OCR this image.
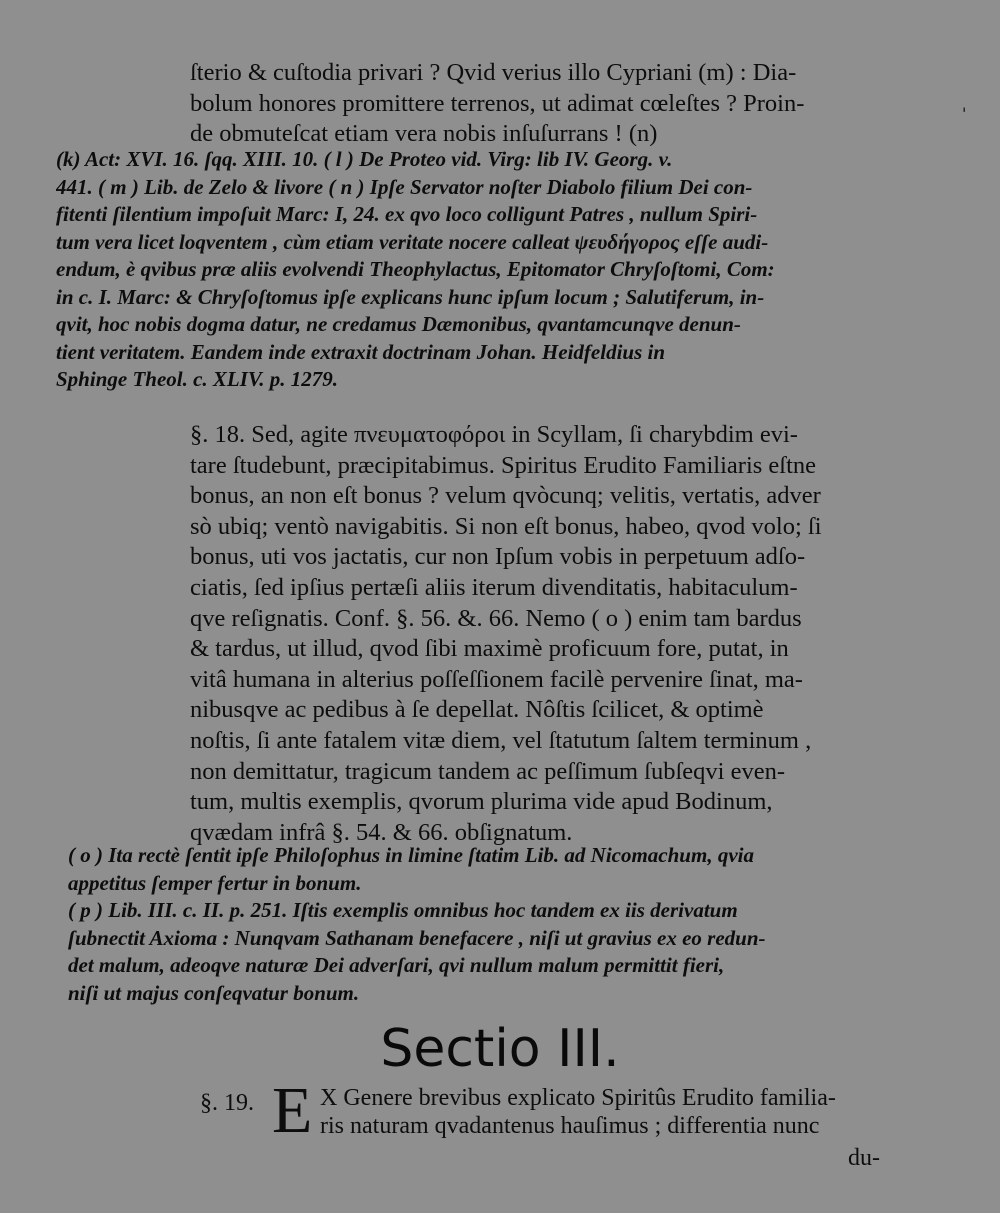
ſterio & cuſtodia privari ? Qvid verius illo Cypriani (m) : Dia-
bolum honores promittere terrenos, ut adimat cœleſtes ? Proin-
de obmuteſcat etiam vera nobis inſuſurrans ! (n)
'
(k) Act: XVI. 16. ſqq. XIII. 10. ( l ) De Proteo vid. Virg: lib IV. Georg. v.
441. ( m ) Lib. de Zelo & livore ( n ) Ipſe Servator noſter Diabolo filium Dei con-
fitenti ſilentium impoſuit Marc: I, 24. ex qvo loco colligunt Patres , nullum Spiri-
tum vera licet loqventem , cùm etiam veritate nocere calleat ψευδήγορος eſſe audi-
endum, è qvibus præ aliis evolvendi Theophylactus, Epitomator Chryſoſtomi, Com:
in c. I. Marc: & Chryſoſtomus ipſe explicans hunc ipſum locum ; Salutiferum, in-
qvit, hoc nobis dogma datur, ne credamus Dæmonibus, qvantamcunqve denun-
tient veritatem. Eandem inde extraxit doctrinam Johan. Heidfeldius in
Sphinge Theol. c. XLIV. p. 1279.
§. 18. Sed, agite πνευματοφόροι in Scyllam, ſi charybdim evi-
tare ſtudebunt, præcipitabimus. Spiritus Erudito Familiaris eſtne
bonus, an non eſt bonus ? velum qvòcunq; velitis, vertatis, adver
sò ubiq; ventò navigabitis. Si non eſt bonus, habeo, qvod volo; ſi
bonus, uti vos jactatis, cur non Ipſum vobis in perpetuum adſo-
ciatis, ſed ipſius pertæſi aliis iterum divenditatis, habitaculum-
qve reſignatis. Conf. §. 56. &. 66. Nemo ( o ) enim tam bardus
& tardus, ut illud, qvod ſibi maximè proficuum fore, putat, in
vitâ humana in alterius poſſeſſionem facilè pervenire ſinat, ma-
nibusqve ac pedibus à ſe depellat. Nôſtis ſcilicet, & optimè
noſtis, ſi ante fatalem vitæ diem, vel ſtatutum ſaltem terminum ,
non demittatur, tragicum tandem ac peſſimum ſubſeqvi even-
tum, multis exemplis, qvorum plurima vide apud Bodinum,
qvædam infrâ §. 54. & 66. obſignatum.
( o ) Ita rectè ſentit ipſe Philoſophus in limine ſtatim Lib. ad Nicomachum, qvia
appetitus ſemper fertur in bonum.
( p ) Lib. III. c. II. p. 251. Iſtis exemplis omnibus hoc tandem ex iis derivatum
ſubnectit Axioma : Nunqvam Sathanam benefacere , niſi ut gravius ex eo redun-
det malum, adeoqve naturæ Dei adverſari, qvi nullum malum permittit fieri,
niſi ut majus conſeqvatur bonum.
Sectio III.
§. 19. E X Genere brevibus explicato Spiritûs Erudito familia-
ris naturam qvadantenus hauſimus ; differentia nunc
du-
